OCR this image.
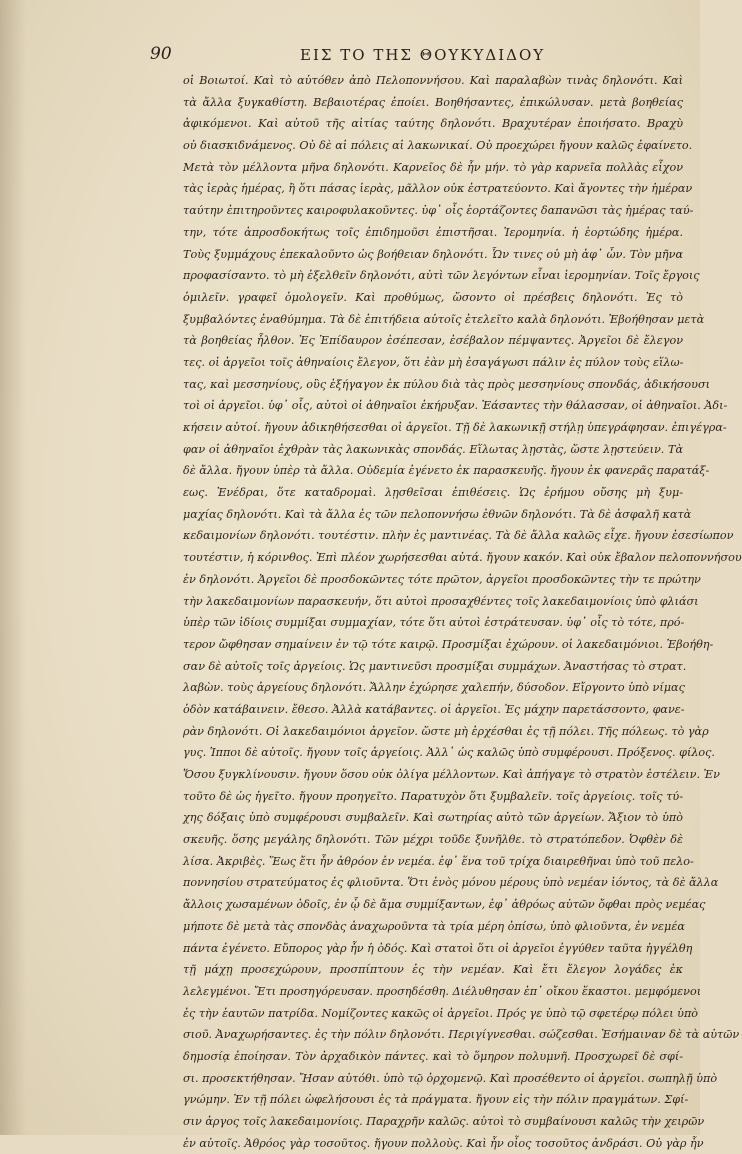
90	ΕΙΣ ΤΟ ΤΗΣ ΘΟΥΚΥΔΙΔΟΥ
οἱ Βοιωτοί. Καὶ τὸ αὐτόθεν ἀπὸ Πελοποννήσου. Καὶ παραλαβὼν τινὰς δηλονότι. Καὶ
τὰ ἄλλα ξυγκαθίστη. Βεβαιοτέρας ἐποίει. Βοηθήσαντες, ἐπικώλυσαν. μετὰ βοηθείας
ἀφικόμενοι. Καὶ αὐτοῦ τῆς αἰτίας ταύτης δηλονότι. Βραχυτέραν ἐποιήσατο. Βραχὺ
οὐ διασκιδνάμενος. Οὐ δὲ αἱ πόλεις αἱ λακωνικαί. Οὐ προεχώρει ἤγουν καλῶς ἐφαίνετο.
Μετὰ τὸν μέλλοντα μῆνα δηλονότι. Καρνεῖος δὲ ἦν μήν. τὸ γὰρ καρνεῖα πολλὰς εἶχον
τὰς ἱερὰς ἡμέρας, ἢ ὅτι πάσας ἱερὰς, μᾶλλον οὐκ ἐστρατεύοντο. Καὶ ἄγοντες τὴν ἡμέραν
ταύτην ἐπιτηροῦντες καιροφυλακοῦντες. ὑφ᾽ οἷς ἑορτάζοντες δαπανῶσι τὰς ἡμέρας ταύ-
την, τότε ἀπροσδοκήτως τοῖς ἐπιδημοῦσι ἐπιστῆσαι. Ἱερομηνία. ἡ ἑορτώδης ἡμέρα.
Τοὺς ξυμμάχους ἐπεκαλοῦντο ὡς βοήθειαν δηλονότι. Ὧν τινες οὐ μὴ ἀφ᾽ ὧν. Τὸν μῆνα
προφασίσαντο. τὸ μὴ ἐξελθεῖν δηλονότι, αὐτὶ τῶν λεγόντων εἶναι ἱερομηνίαν. Τοῖς ἔργοις
ὁμιλεῖν. γραφεῖ ὁμολογεῖν. Καὶ προθύμως, ὥσοντο οἱ πρέσβεις δηλονότι. Ἐς τὸ
ξυμβαλόντες ἐναθύμημα. Τὰ δὲ ἐπιτήδεια αὐτοῖς ἐτελεῖτο καλὰ δηλονότι. Ἐβοήθησαν μετὰ
τὰ βοηθείας ἦλθον. Ἐς Ἐπίδαυρον ἐσέπεσαν, ἐσέβαλον πέμψαντες. Ἀργεῖοι δὲ ἔλεγον
τες. οἱ ἀργεῖοι τοῖς ἀθηναίοις ἔλεγον, ὅτι ἐὰν μὴ ἐσαγάγωσι πάλιν ἐς πύλον τοὺς εἵλω-
τας, καὶ μεσσηνίους, οὓς ἐξήγαγον ἐκ πύλου διὰ τὰς πρὸς μεσσηνίους σπονδάς, ἀδικήσουσι
τοὶ οἱ ἀργεῖοι. ὑφ᾽ οἷς, αὐτοὶ οἱ ἀθηναῖοι ἐκήρυξαν. Ἐάσαντες τὴν θάλασσαν, οἱ ἀθηναῖοι. Ἀδι-
κήσειν αὐτοί. ἤγουν ἀδικηθήσεσθαι οἱ ἀργεῖοι. Τῇ δὲ λακωνικῇ στήλῃ ὑπεγράφησαν. ἐπιγέγρα-
φαν οἱ ἀθηναῖοι ἐχθρὰν τὰς λακωνικὰς σπονδάς. Εἵλωτας λῃστὰς, ὥστε λῃστεύειν. Τὰ
δὲ ἄλλα. ἤγουν ὑπὲρ τὰ ἄλλα. Οὐδεμία ἐγένετο ἐκ παρασκευῆς. ἤγουν ἐκ φανερᾶς παρατάξ-
εως. Ἐνέδραι, ὅτε καταδρομαὶ. λῃσθεῖσαι ἐπιθέσεις. Ὡς ἐρήμου οὔσης μὴ ξυμ-
μαχίας δηλονότι. Καὶ τὰ ἄλλα ἐς τῶν πελοποννήσω ἐθνῶν δηλονότι. Τὰ δὲ ἀσφαλῆ κατὰ
κεδαιμονίων δηλονότι. τουτέστιν. πλὴν ἐς μαντινέας. Τὰ δὲ ἄλλα καλῶς εἶχε. ἤγουν ἐσεσίωπον
τουτέστιν, ἡ κόρινθος. Ἐπὶ πλέον χωρήσεσθαι αὐτά. ἤγουν κακόν. Καὶ οὐκ ἔβαλον πελοποννήσου
ἐν δηλονότι. Ἀργεῖοι δὲ προσδοκῶντες τότε πρῶτον, ἀργεῖοι προσδοκῶντες τὴν τε πρώτην
τὴν λακεδαιμονίων παρασκευήν, ὅτι αὐτοὶ προσαχθέντες τοῖς λακεδαιμονίοις ὑπὸ φλιάσι
ὑπὲρ τῶν ἰδίοις συμμίξαι συμμαχίαν, τότε ὅτι αὐτοὶ ἐστράτευσαν. ὑφ᾽ οἷς τὸ τότε, πρό-
τερον ὤφθησαν σημαίνειν ἐν τῷ τότε καιρῷ. Προσμίξαι ἐχώρουν. οἱ λακεδαιμόνιοι. Ἐβοήθη-
σαν δὲ αὐτοῖς τοῖς ἀργείοις. Ὡς μαντινεῦσι προσμίξαι συμμάχων. Ἀναστήσας τὸ στρατ.
λαβὼν. τοὺς ἀργείους δηλονότι. Ἄλλην ἐχώρησε χαλεπήν, δύσοδον. Εἴργοντο ὑπὸ νίμας
ὁδὸν κατάβαινειν. ἔθεσο. Ἀλλὰ κατάβαντες. οἱ ἀργεῖοι. Ἐς μάχην παρετάσσοντο, φανε-
ρὰν δηλονότι. Οἱ λακεδαιμόνιοι ἀργεῖον. ὥστε μὴ ἐρχέσθαι ἐς τῇ πόλει. Τῆς πόλεως. τὸ γὰρ
γυς. Ἱπποι δὲ αὐτοῖς. ἤγουν τοῖς ἀργείοις. Ἀλλ᾽ ὡς καλῶς ὑπὸ συμφέρουσι. Πρόξενος. φίλος.
Ὅσου ξυγκλίνουσιν. ἤγουν ὅσου οὐκ ὀλίγα μέλλοντων. Καὶ ἀπήγαγε τὸ στρατὸν ἐστέλειν. Ἐν
τοῦτο δὲ ὡς ἡγεῖτο. ἤγουν προηγεῖτο. Παρατυχὸν ὅτι ξυμβαλεῖν. τοῖς ἀργείοις. τοῖς τύ-
χης δόξαις ὑπὸ συμφέρουσι συμβαλεῖν. Καὶ σωτηρίας αὐτὸ τῶν ἀργείων. Ἄξιον τὸ ὑπὸ
σκευῆς. ὅσης μεγάλης δηλονότι. Τῶν μέχρι τοῦδε ξυνῆλθε. τὸ στρατόπεδον. Ὀφθὲν δὲ
λίσα. Ἀκριβὲς. Ἕως ἔτι ἦν ἀθρόον ἐν νεμέα. ἐφ᾽ ἕνα τοῦ τρίχα διαιρεθῆναι ὑπὸ τοῦ πελο-
ποννησίου στρατεύματος ἐς φλιοῦντα. Ὅτι ἑνὸς μόνου μέρους ὑπὸ νεμέαν ἰόντος, τὰ δὲ ἄλλα
ἄλλοις χωσαμένων ὁδοῖς, ἐν ᾧ δὲ ἄμα συμμίξαντων, ἐφ᾽ ἀθρόως αὐτῶν ὄφθαι πρὸς νεμέας
μήποτε δὲ μετὰ τὰς σπονδὰς ἀναχωροῦντα τὰ τρία μέρη ὀπίσω, ὑπὸ φλιοῦντα, ἐν νεμέα
πάντα ἐγένετο. Εὔπορος γὰρ ἦν ἡ ὁδός. Καὶ στατοὶ ὅτι οἱ ἀργεῖοι ἐγγύθεν ταῦτα ἠγγέλθη
τῇ μάχῃ προσεχώρουν, προσπίπτουν ἐς τὴν νεμέαν. Καὶ ἔτι ἔλεγον λογάδες ἐκ
λελεγμένοι. Ἔτι προσηγόρευσαν. προσηδέσθη. Διέλυθησαν ἐπ᾽ οἴκου ἕκαστοι. μεμφόμενοι
ἐς τὴν ἑαυτῶν πατρίδα. Νομίζοντες κακῶς οἱ ἀργεῖοι. Πρός γε ὑπὸ τῷ σφετέρῳ πόλει ὑπὸ
σιοῦ. Ἀναχωρήσαντες. ἐς τὴν πόλιν δηλονότι. Περιγίγνεσθαι. σώζεσθαι. Ἐσήμαιναν δὲ τὰ αὐτῶν
δημοσίᾳ ἐποίησαν. Τὸν ἀρχαδικὸν πάντες. καὶ τὸ ὅμηρον πολυμνῆ. Προσχωρεῖ δὲ σφί-
σι. προσεκτήθησαν. Ἤσαν αὐτόθι. ὑπὸ τῷ ὀρχομενῷ. Καὶ προσέθεντο οἱ ἀργεῖοι. σωπηλῇ ὑπὸ
γνώμην. Ἐν τῇ πόλει ὠφελήσουσι ἐς τὰ πράγματα. ἤγουν εἰς τὴν πόλιν πραγμάτων. Σφί-
σιν ἀργος τοῖς λακεδαιμονίοις. Παραχρῆν καλῶς. αὐτοὶ τὸ συμβαίνουσι καλῶς τὴν χειρῶν
ἐν αὐτοῖς. Ἀθρόος γὰρ τοσοῦτος. ἤγουν πολλοὺς. Καὶ ἦν οἷος τοσοῦτος ἀνδράσι. Οὐ γὰρ ἦν
